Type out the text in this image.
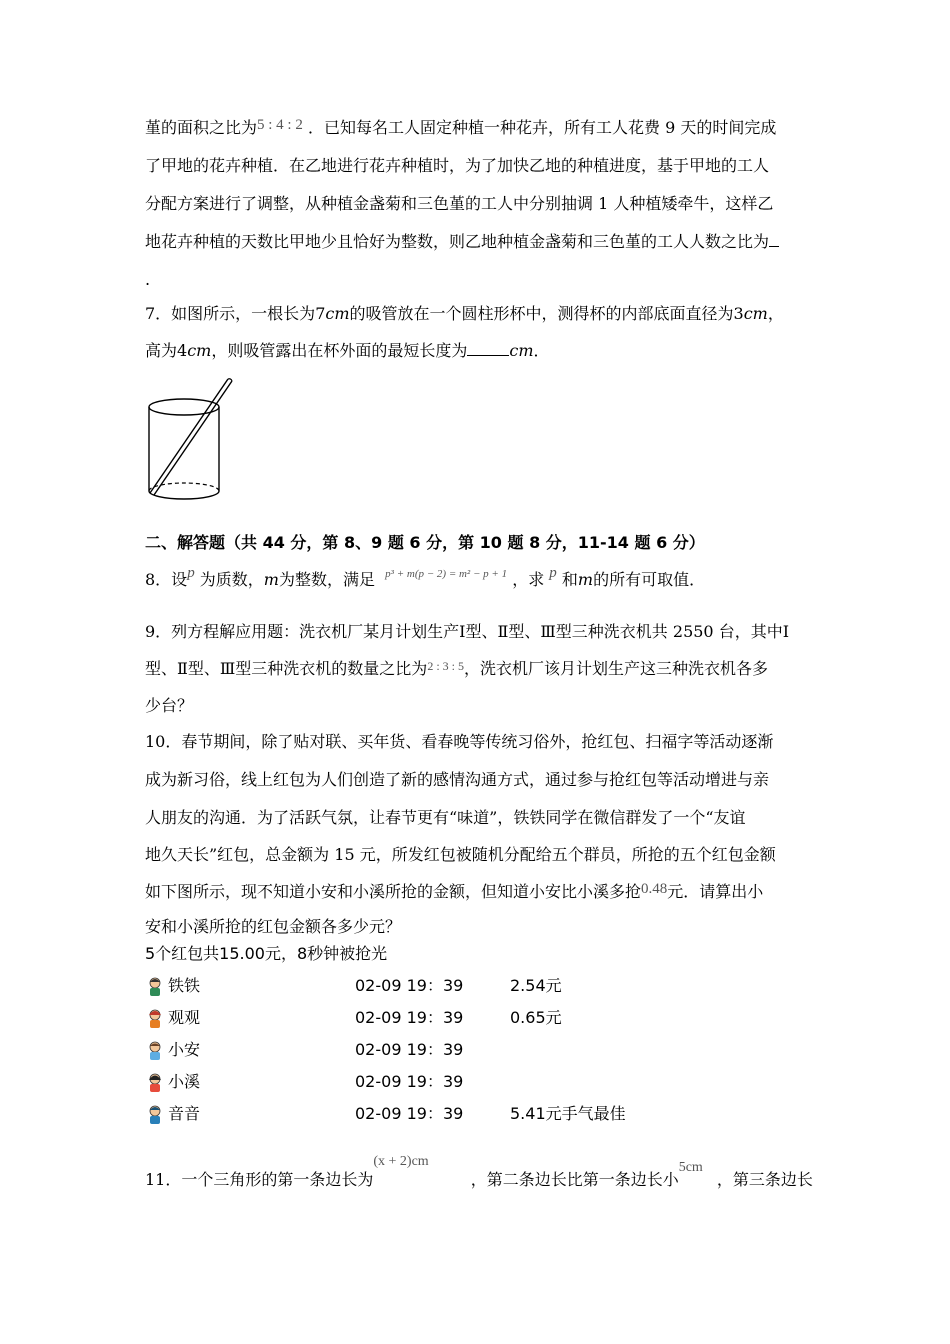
堇的面积之比为5 : 4 : 2 ．已知每名工人固定种植一种花卉，所有工人花费 9 天的时间完成
了甲地的花卉种植．在乙地进行花卉种植时，为了加快乙地的种植进度，基于甲地的工人
分配方案进行了调整，从种植金盏菊和三色堇的工人中分别抽调 1 人种植矮牵牛，这样乙
地花卉种植的天数比甲地少且恰好为整数，则乙地种植金盏菊和三色堇的工人人数之比为
.
7．如图所示，一根长为7cm的吸管放在一个圆柱形杯中，测得杯的内部底面直径为3cm，
高为4cm，则吸管露出在杯外面的最短长度为	cm．
二、解答题（共 44 分，第 8、9 题 6 分，第 10 题 8 分，11-14 题 6 分）
8．设p 为质数，m为整数，满足 $^{p^3 + m(p - 2) = m^2 - p + 1}$ ，求 p 和m的所有可取值．
9．列方程解应用题：洗衣机厂某月计划生产Ⅰ型、Ⅱ型、Ⅲ型三种洗衣机共 2550 台，其中Ⅰ
型、Ⅱ型、Ⅲ型三种洗衣机的数量之比为$^{2 : 3 : 5}$，洗衣机厂该月计划生产这三种洗衣机各多
少台？
10．春节期间，除了贴对联、买年货、看春晚等传统习俗外，抢红包、扫福字等活动逐渐
成为新习俗，线上红包为人们创造了新的感情沟通方式，通过参与抢红包等活动增进与亲
人朋友的沟通．为了活跃气氛，让春节更有“味道”，铁铁同学在微信群发了一个“友谊
地久天长”红包，总金额为 15 元，所发红包被随机分配给五个群员，所抢的五个红包金额
如下图所示，现不知道小安和小溪所抢的金额，但知道小安比小溪多抢0.48元．请算出小
安和小溪所抢的红包金额各多少元？
5个红包共15.00元，8秒钟被抢光
铁铁	02-09 19：39	2.54元
观观	02-09 19：39	0.65元
小安	02-09 19：39
小溪	02-09 19：39
音音	02-09 19：39	5.41元手气最佳
11．一个三角形的第一条边长为(x + 2)cm，第二条边长比第一条边长小5cm，第三条边长
